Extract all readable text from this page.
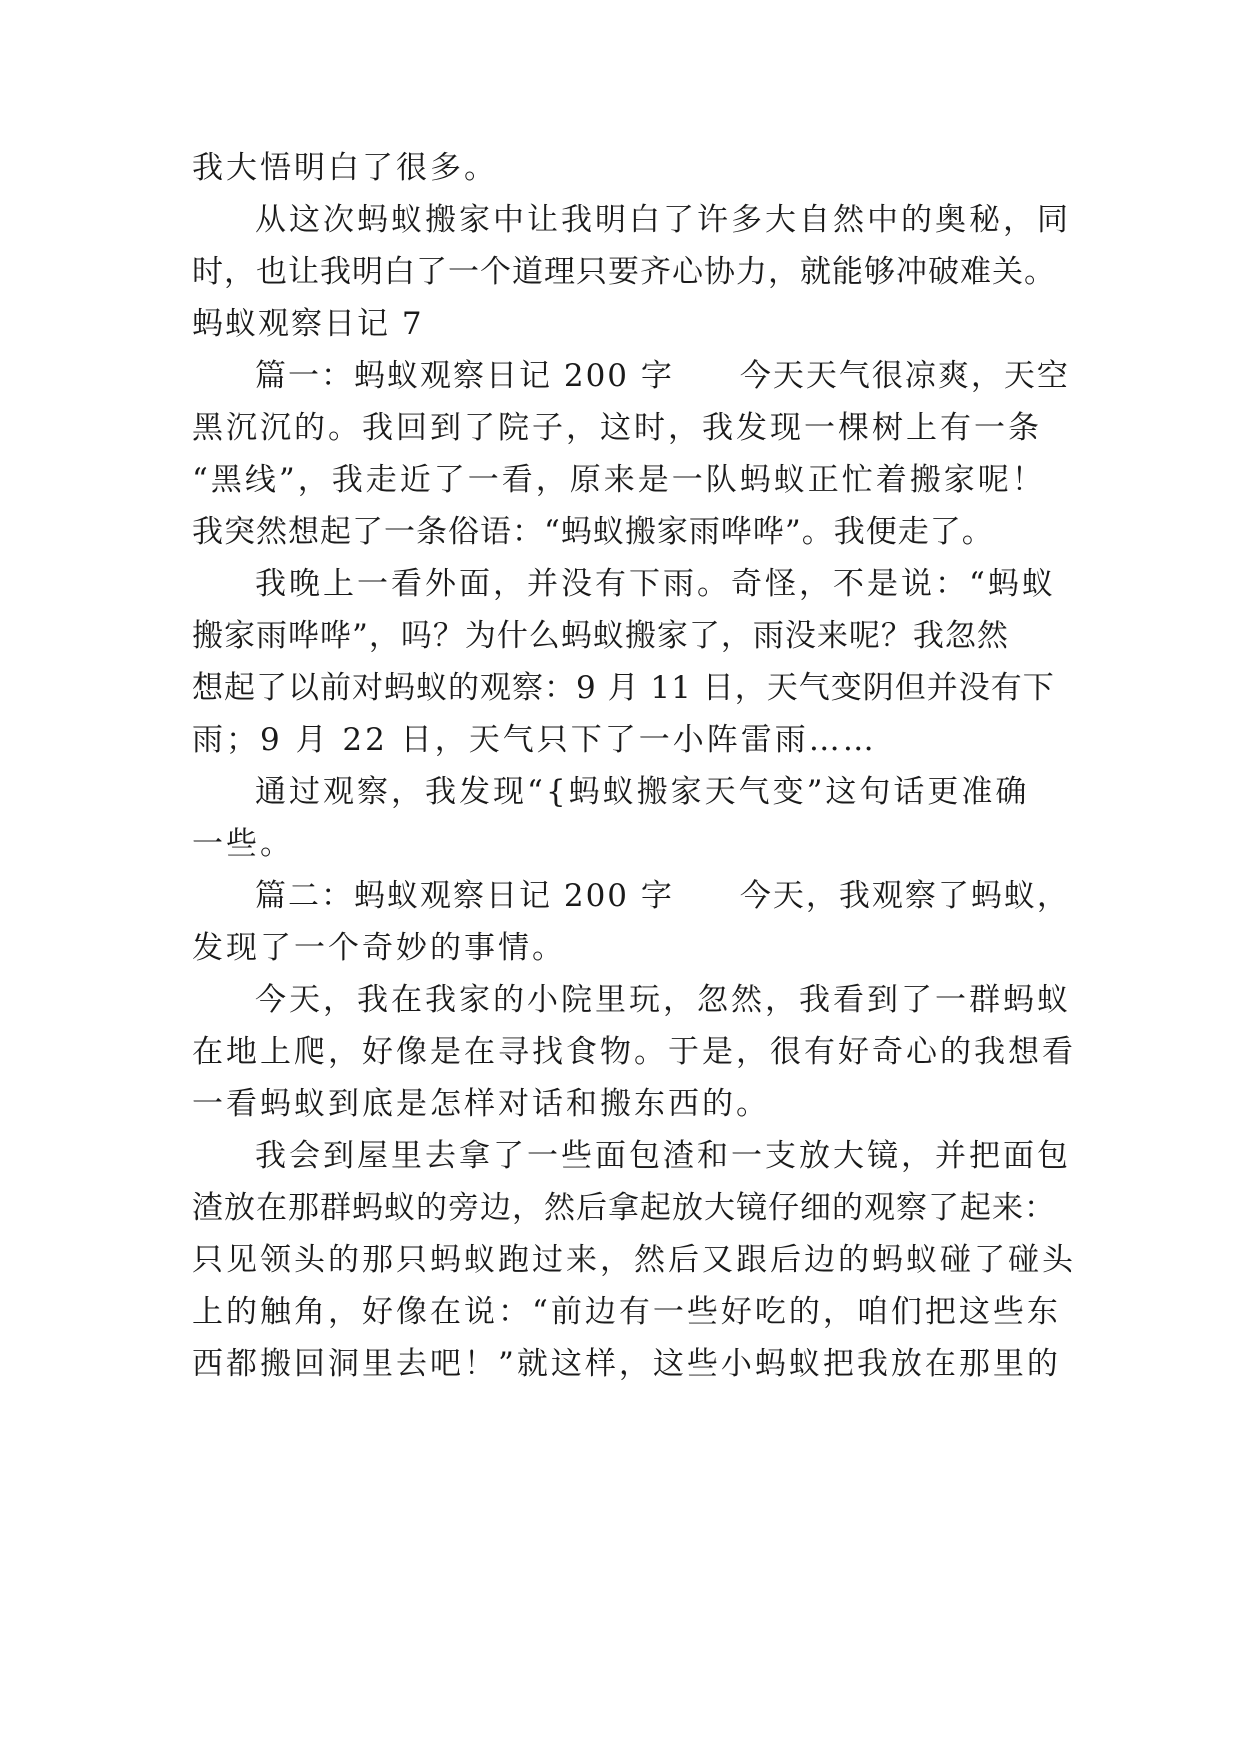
我大悟明白了很多。
从这次蚂蚁搬家中让我明白了许多大自然中的奥秘，同
时，也让我明白了一个道理只要齐心协力，就能够冲破难关。
蚂蚁观察日记 7
篇一：蚂蚁观察日记 200 字　　今天天气很凉爽，天空
黑沉沉的。我回到了院子，这时，我发现一棵树上有一条
“黑线”，我走近了一看，原来是一队蚂蚁正忙着搬家呢！
我突然想起了一条俗语：“蚂蚁搬家雨哗哗”。我便走了。
我晚上一看外面，并没有下雨。奇怪，不是说：“蚂蚁
搬家雨哗哗”，吗？为什么蚂蚁搬家了，雨没来呢？我忽然
想起了以前对蚂蚁的观察：9 月 11 日，天气变阴但并没有下
雨；9 月 22 日，天气只下了一小阵雷雨……
通过观察，我发现“{蚂蚁搬家天气变”这句话更准确
一些。
篇二：蚂蚁观察日记 200 字　　今天，我观察了蚂蚁，
发现了一个奇妙的事情。
今天，我在我家的小院里玩，忽然，我看到了一群蚂蚁
在地上爬，好像是在寻找食物。于是，很有好奇心的我想看
一看蚂蚁到底是怎样对话和搬东西的。
我会到屋里去拿了一些面包渣和一支放大镜，并把面包
渣放在那群蚂蚁的旁边，然后拿起放大镜仔细的观察了起来：
只见领头的那只蚂蚁跑过来，然后又跟后边的蚂蚁碰了碰头
上的触角，好像在说：“前边有一些好吃的，咱们把这些东
西都搬回洞里去吧！”就这样，这些小蚂蚁把我放在那里的
